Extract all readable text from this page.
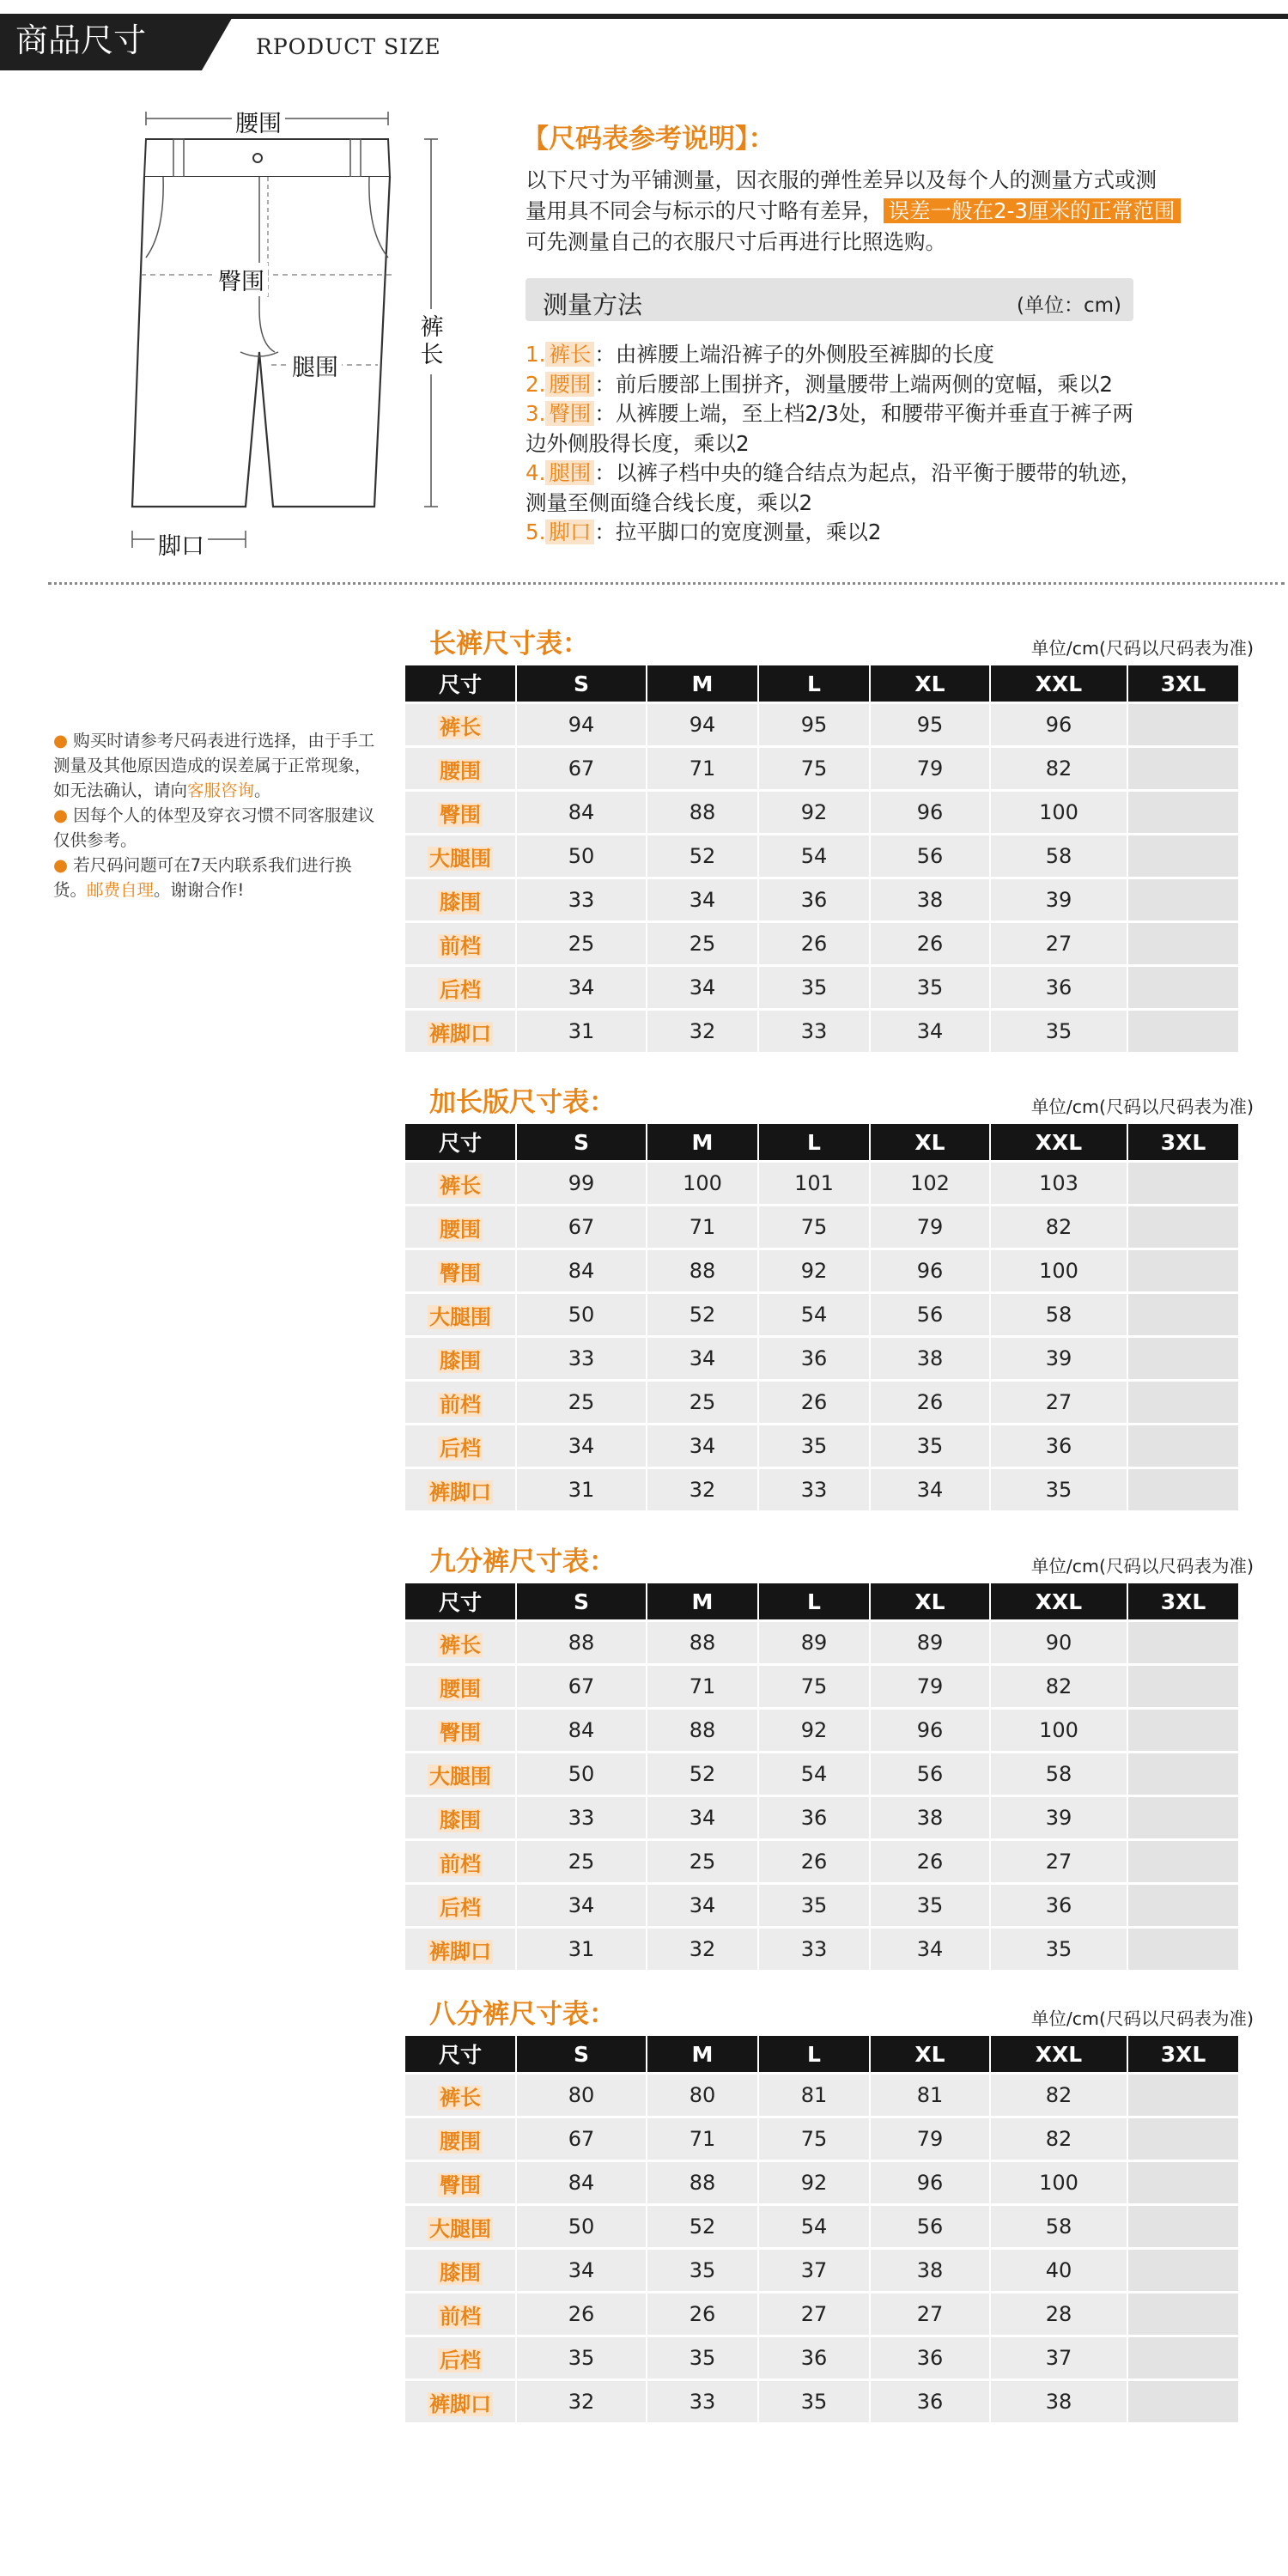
商品尺寸	RPODUCT SIZE
腰围
臀围
腿围
裤长
脚口
【尺码表参考说明】：
以下尺寸为平铺测量，因衣服的弹性差异以及每个人的测量方式或测
量用具不同会与标示的尺寸略有差异， 误差一般在2-3厘米的正常范围
可先测量自己的衣服尺寸后再进行比照选购。
测量方法	(单位：cm)
1. 裤长 ：由裤腰上端沿裤子的外侧股至裤脚的长度
2. 腰围 ：前后腰部上围拼齐，测量腰带上端两侧的宽幅，乘以2
3. 臀围 ：从裤腰上端，至上档2/3处，和腰带平衡并垂直于裤子两
边外侧股得长度，乘以2
4. 腿围 ：以裤子档中央的缝合结点为起点，沿平衡于腰带的轨迹，
测量至侧面缝合线长度，乘以2
5. 脚口 ：拉平脚口的宽度测量，乘以2
● 购买时请参考尺码表进行选择，由于手工测量及其他原因造成的误差属于正常现象，如无法确认，请向客服咨询。
● 因每个人的体型及穿衣习惯不同客服建议仅供参考。
● 若尺码问题可在7天内联系我们进行换货。邮费自理。谢谢合作!
长裤尺寸表：	单位/cm(尺码以尺码表为准)
尺寸	S	M	L	XL	XXL	3XL
裤长	94	94	95	95	96	
腰围	67	71	75	79	82	
臀围	84	88	92	96	100	
大腿围	50	52	54	56	58	
膝围	33	34	36	38	39	
前档	25	25	26	26	27	
后档	34	34	35	35	36	
裤脚口	31	32	33	34	35	
加长版尺寸表：	单位/cm(尺码以尺码表为准)
尺寸	S	M	L	XL	XXL	3XL
裤长	99	100	101	102	103	
腰围	67	71	75	79	82	
臀围	84	88	92	96	100	
大腿围	50	52	54	56	58	
膝围	33	34	36	38	39	
前档	25	25	26	26	27	
后档	34	34	35	35	36	
裤脚口	31	32	33	34	35	
九分裤尺寸表：	单位/cm(尺码以尺码表为准)
尺寸	S	M	L	XL	XXL	3XL
裤长	88	88	89	89	90	
腰围	67	71	75	79	82	
臀围	84	88	92	96	100	
大腿围	50	52	54	56	58	
膝围	33	34	36	38	39	
前档	25	25	26	26	27	
后档	34	34	35	35	36	
裤脚口	31	32	33	34	35	
八分裤尺寸表：	单位/cm(尺码以尺码表为准)
尺寸	S	M	L	XL	XXL	3XL
裤长	80	80	81	81	82	
腰围	67	71	75	79	82	
臀围	84	88	92	96	100	
大腿围	50	52	54	56	58	
膝围	34	35	37	38	40	
前档	26	26	27	27	28	
后档	35	35	36	36	37	
裤脚口	32	33	35	36	38	
